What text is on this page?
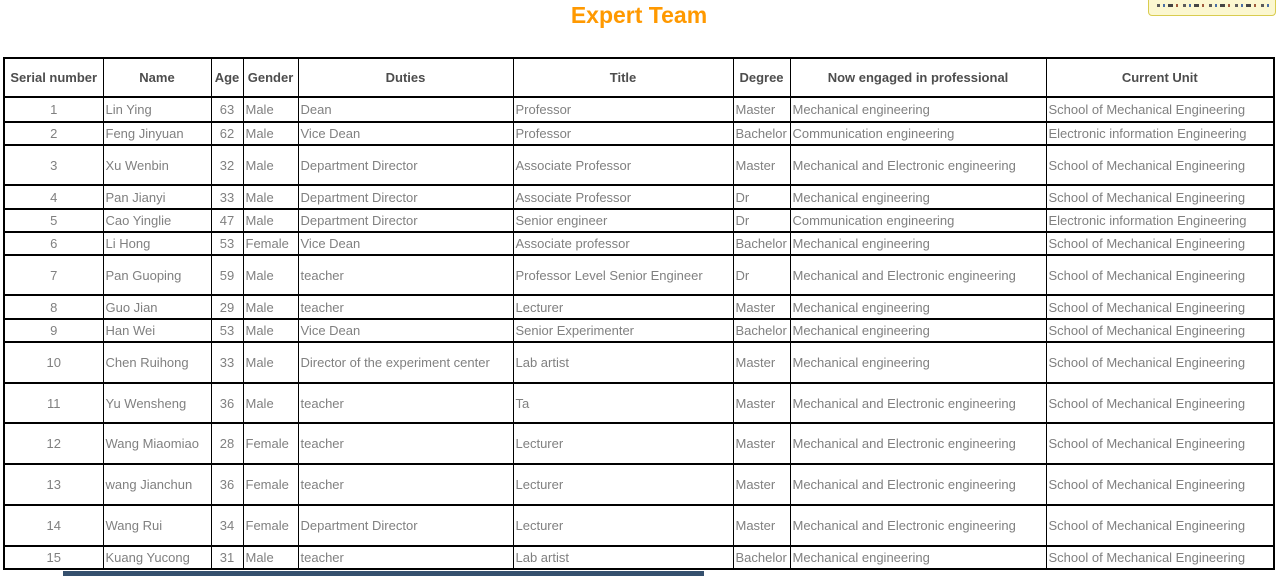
Expert Team
Serial number	Name	Age	Gender	Duties	Title	Degree	Now engaged in professional	Current Unit
1	Lin Ying	63	Male	Dean	Professor	Master	Mechanical engineering	School of Mechanical Engineering
2	Feng Jinyuan	62	Male	Vice Dean	Professor	Bachelor	Communication engineering	Electronic information Engineering
3	Xu Wenbin	32	Male	Department Director	Associate Professor	Master	Mechanical and Electronic engineering	School of Mechanical Engineering
4	Pan Jianyi	33	Male	Department Director	Associate Professor	Dr	Mechanical engineering	School of Mechanical Engineering
5	Cao Yinglie	47	Male	Department Director	Senior engineer	Dr	Communication engineering	Electronic information Engineering
6	Li Hong	53	Female	Vice Dean	Associate professor	Bachelor	Mechanical engineering	School of Mechanical Engineering
7	Pan Guoping	59	Male	teacher	Professor Level Senior Engineer	Dr	Mechanical and Electronic engineering	School of Mechanical Engineering
8	Guo Jian	29	Male	teacher	Lecturer	Master	Mechanical engineering	School of Mechanical Engineering
9	Han Wei	53	Male	Vice Dean	Senior Experimenter	Bachelor	Mechanical engineering	School of Mechanical Engineering
10	Chen Ruihong	33	Male	Director of the experiment center	Lab artist	Master	Mechanical engineering	School of Mechanical Engineering
11	Yu Wensheng	36	Male	teacher	Ta	Master	Mechanical and Electronic engineering	School of Mechanical Engineering
12	Wang Miaomiao	28	Female	teacher	Lecturer	Master	Mechanical and Electronic engineering	School of Mechanical Engineering
13	wang Jianchun	36	Female	teacher	Lecturer	Master	Mechanical and Electronic engineering	School of Mechanical Engineering
14	Wang Rui	34	Female	Department Director	Lecturer	Master	Mechanical and Electronic engineering	School of Mechanical Engineering
15	Kuang Yucong	31	Male	teacher	Lab artist	Bachelor	Mechanical engineering	School of Mechanical Engineering
